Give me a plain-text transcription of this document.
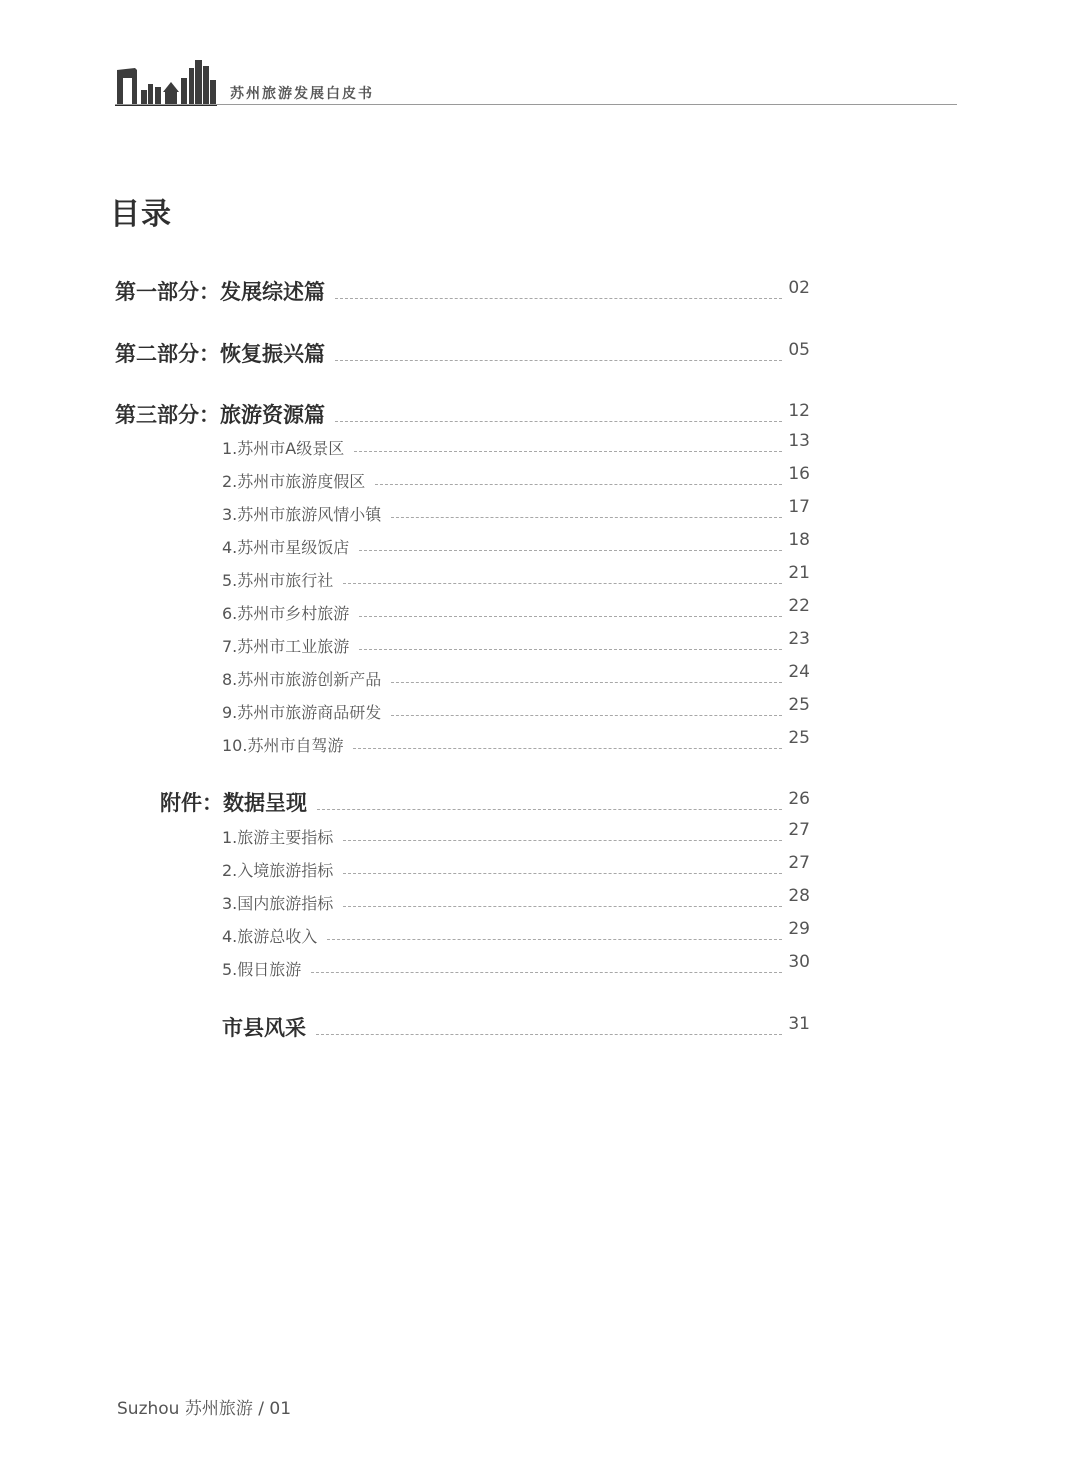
苏州旅游发展白皮书
目录
第一部分：发展综述篇	02
第二部分：恢复振兴篇	05
第三部分：旅游资源篇	12
1.苏州市A级景区	13
2.苏州市旅游度假区	16
3.苏州市旅游风情小镇	17
4.苏州市星级饭店	18
5.苏州市旅行社	21
6.苏州市乡村旅游	22
7.苏州市工业旅游	23
8.苏州市旅游创新产品	24
9.苏州市旅游商品研发	25
10.苏州市自驾游	25
附件：数据呈现	26
1.旅游主要指标	27
2.入境旅游指标	27
3.国内旅游指标	28
4.旅游总收入	29
5.假日旅游	30
市县风采	31
Suzhou 苏州旅游 / 01
